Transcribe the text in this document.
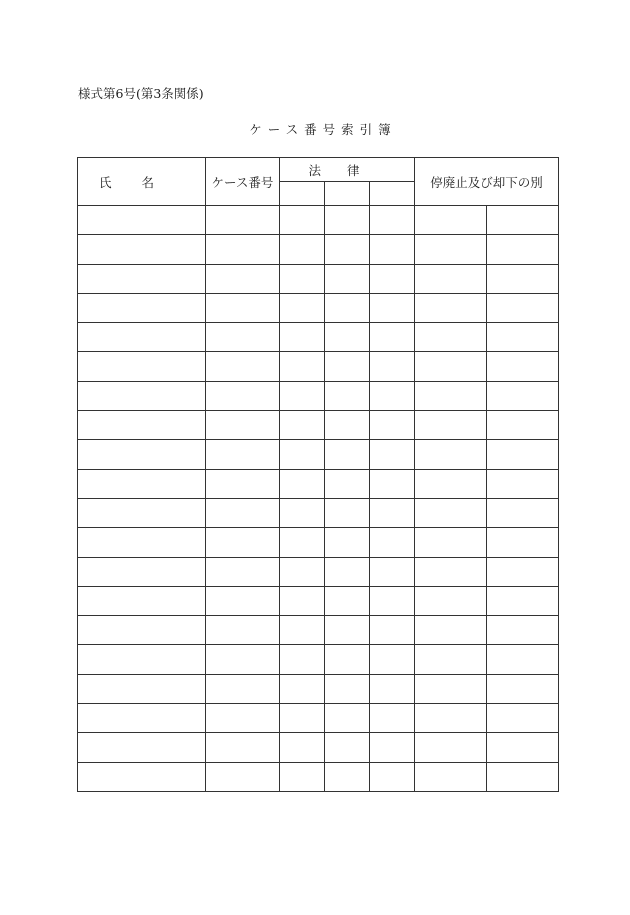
様式第6号(第3条関係)
ケース番号索引簿
氏名	ケース番号	法律			停廃止及び却下の別	
